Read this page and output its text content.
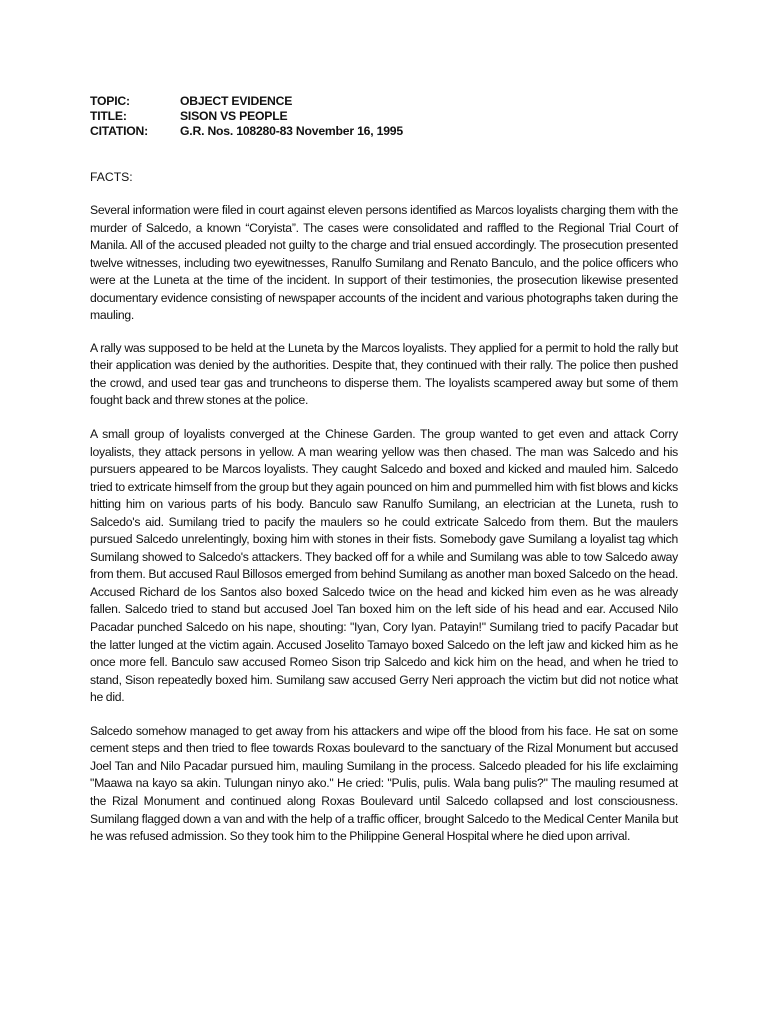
TOPIC:	OBJECT EVIDENCE
TITLE:	SISON VS PEOPLE
CITATION:	G.R. Nos. 108280-83 November 16, 1995
FACTS:

Several information were filed in court against eleven persons identified as Marcos loyalists charging them with the murder of Salcedo, a known “Coryista”. The cases were consolidated and raffled to the Regional Trial Court of Manila. All of the accused pleaded not guilty to the charge and trial ensued accordingly. The prosecution presented twelve witnesses, including two eyewitnesses, Ranulfo Sumilang and Renato Banculo, and the police officers who were at the Luneta at the time of the incident. In support of their testimonies, the prosecution likewise presented documentary evidence consisting of newspaper accounts of the incident and various photographs taken during the mauling.

A rally was supposed to be held at the Luneta by the Marcos loyalists. They applied for a permit to hold the rally but their application was denied by the authorities. Despite that, they continued with their rally. The police then pushed the crowd, and used tear gas and truncheons to disperse them. The loyalists scampered away but some of them fought back and threw stones at the police.

A small group of loyalists converged at the Chinese Garden. The group wanted to get even and attack Corry loyalists, they attack persons in yellow. A man wearing yellow was then chased. The man was Salcedo and his pursuers appeared to be Marcos loyalists. They caught Salcedo and boxed and kicked and mauled him. Salcedo tried to extricate himself from the group but they again pounced on him and pummelled him with fist blows and kicks hitting him on various parts of his body. Banculo saw Ranulfo Sumilang, an electrician at the Luneta, rush to Salcedo's aid. Sumilang tried to pacify the maulers so he could extricate Salcedo from them. But the maulers pursued Salcedo unrelentingly, boxing him with stones in their fists. Somebody gave Sumilang a loyalist tag which Sumilang showed to Salcedo's attackers. They backed off for a while and Sumilang was able to tow Salcedo away from them. But accused Raul Billosos emerged from behind Sumilang as another man boxed Salcedo on the head. Accused Richard de los Santos also boxed Salcedo twice on the head and kicked him even as he was already fallen. Salcedo tried to stand but accused Joel Tan boxed him on the left side of his head and ear. Accused Nilo Pacadar punched Salcedo on his nape, shouting: "Iyan, Cory Iyan. Patayin!" Sumilang tried to pacify Pacadar but the latter lunged at the victim again. Accused Joselito Tamayo boxed Salcedo on the left jaw and kicked him as he once more fell. Banculo saw accused Romeo Sison trip Salcedo and kick him on the head, and when he tried to stand, Sison repeatedly boxed him. Sumilang saw accused Gerry Neri approach the victim but did not notice what he did.

Salcedo somehow managed to get away from his attackers and wipe off the blood from his face. He sat on some cement steps and then tried to flee towards Roxas boulevard to the sanctuary of the Rizal Monument but accused Joel Tan and Nilo Pacadar pursued him, mauling Sumilang in the process. Salcedo pleaded for his life exclaiming "Maawa na kayo sa akin. Tulungan ninyo ako." He cried: "Pulis, pulis. Wala bang pulis?" The mauling resumed at the Rizal Monument and continued along Roxas Boulevard until Salcedo collapsed and lost consciousness. Sumilang flagged down a van and with the help of a traffic officer, brought Salcedo to the Medical Center Manila but he was refused admission. So they took him to the Philippine General Hospital where he died upon arrival.
